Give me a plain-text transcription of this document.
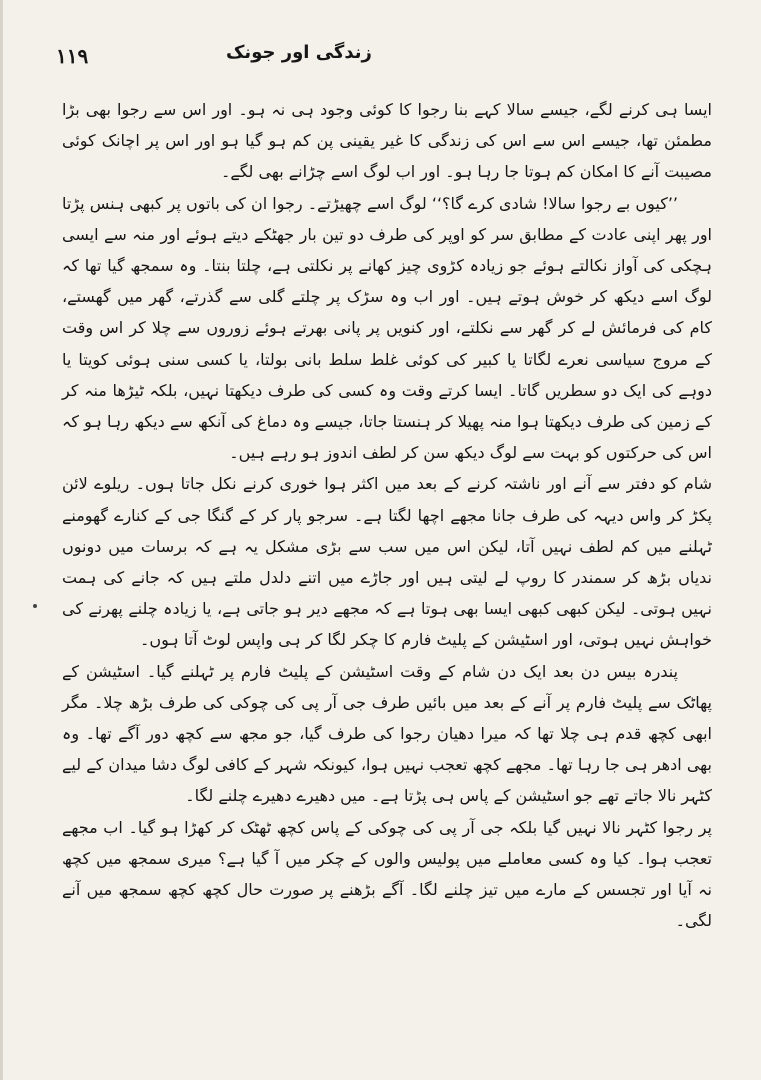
۱۱۹	زندگی اور جونک

ایسا ہی کرنے لگے، جیسے سالا کہے بنا رجوا کا کوئی وجود ہی نہ ہو۔ اور اس سے رجوا بھی بڑا مطمئن تھا، جیسے اس سے اس کی زندگی کا غیر یقینی پن کم ہو گیا ہو اور اس پر اچانک کوئی مصیبت آنے کا امکان کم ہوتا جا رہا ہو۔ اور اب لوگ اسے چڑانے بھی لگے۔

’’کیوں بے رجوا سالا! شادی کرے گا؟‘‘ لوگ اسے چھیڑتے۔ رجوا ان کی باتوں پر کبھی ہنس پڑتا اور پھر اپنی عادت کے مطابق سر کو اوپر کی طرف دو تین بار جھٹکے دیتے ہوئے اور منہ سے ایسی ہچکی کی آواز نکالتے ہوئے جو زیادہ کڑوی چیز کھانے پر نکلتی ہے، چلتا بنتا۔ وہ سمجھ گیا تھا کہ لوگ اسے دیکھ کر خوش ہوتے ہیں۔ اور اب وہ سڑک پر چلتے گلی سے گذرتے، گھر میں گھستے، کام کی فرمائش لے کر گھر سے نکلتے، اور کنویں پر پانی بھرتے ہوئے زوروں سے چلا کر اس وقت کے مروج سیاسی نعرے لگاتا یا کبیر کی کوئی غلط سلط بانی بولتا، یا کسی سنی ہوئی کویتا یا دوہے کی ایک دو سطریں گاتا۔ ایسا کرتے وقت وہ کسی کی طرف دیکھتا نہیں، بلکہ ٹیڑھا منہ کر کے زمین کی طرف دیکھتا ہوا منہ پھیلا کر ہنستا جاتا، جیسے وہ دماغ کی آنکھ سے دیکھ رہا ہو کہ اس کی حرکتوں کو بہت سے لوگ دیکھ سن کر لطف اندوز ہو رہے ہیں۔

شام کو دفتر سے آنے اور ناشتہ کرنے کے بعد میں اکثر ہوا خوری کرنے نکل جاتا ہوں۔ ریلوے لائن پکڑ کر واس دیہہ کی طرف جانا مجھے اچھا لگتا ہے۔ سرجو پار کر کے گنگا جی کے کنارے گھومنے ٹہلنے میں کم لطف نہیں آتا، لیکن اس میں سب سے بڑی مشکل یہ ہے کہ برسات میں دونوں ندیاں بڑھ کر سمندر کا روپ لے لیتی ہیں اور جاڑے میں اتنے دلدل ملتے ہیں کہ جانے کی ہمت نہیں ہوتی۔ لیکن کبھی کبھی ایسا بھی ہوتا ہے کہ مجھے دیر ہو جاتی ہے، یا زیادہ چلنے پھرنے کی خواہش نہیں ہوتی، اور اسٹیشن کے پلیٹ فارم کا چکر لگا کر ہی واپس لوٹ آتا ہوں۔

پندرہ بیس دن بعد ایک دن شام کے وقت اسٹیشن کے پلیٹ فارم پر ٹہلنے گیا۔ اسٹیشن کے پھاٹک سے پلیٹ فارم پر آنے کے بعد میں بائیں طرف جی آر پی کی چوکی کی طرف بڑھ چلا۔ مگر ابھی کچھ قدم ہی چلا تھا کہ میرا دھیان رجوا کی طرف گیا، جو مجھ سے کچھ دور آگے تھا۔ وہ بھی ادھر ہی جا رہا تھا۔ مجھے کچھ تعجب نہیں ہوا، کیونکہ شہر کے کافی لوگ دشا میدان کے لیے کٹہر نالا جاتے تھے جو اسٹیشن کے پاس ہی پڑتا ہے۔ میں دھیرے دھیرے چلنے لگا۔

پر رجوا کٹہر نالا نہیں گیا بلکہ جی آر پی کی چوکی کے پاس کچھ ٹھٹک کر کھڑا ہو گیا۔ اب مجھے تعجب ہوا۔ کیا وہ کسی معاملے میں پولیس والوں کے چکر میں آ گیا ہے؟ میری سمجھ میں کچھ نہ آیا اور تجسس کے مارے میں تیز چلنے لگا۔ آگے بڑھنے پر صورت حال کچھ کچھ سمجھ میں آنے لگی۔
